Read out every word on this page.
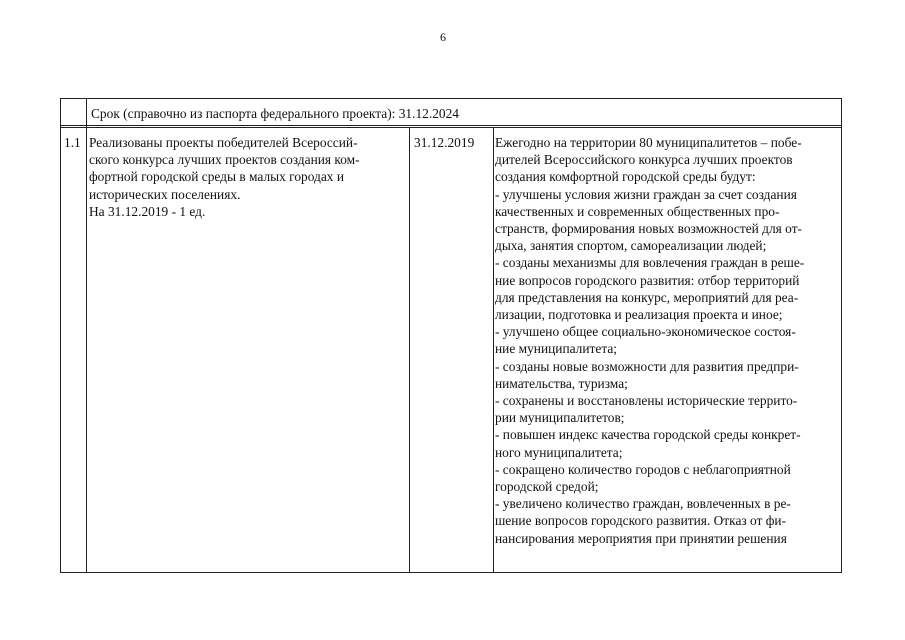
6
Срок (справочно из паспорта федерального проекта): 31.12.2024
1.1 Реализованы проекты победителей Всероссий-
ского конкурса лучших проектов создания ком-
фортной городской среды в малых городах и
исторических поселениях.
На 31.12.2019 - 1 ед.
31.12.2019 Ежегодно на территории 80 муниципалитетов – побе-
дителей Всероссийского конкурса лучших проектов
создания комфортной городской среды будут:
- улучшены условия жизни граждан за счет создания
качественных и современных общественных про-
странств, формирования новых возможностей для от-
дыха, занятия спортом, самореализации людей;
- созданы механизмы для вовлечения граждан в реше-
ние вопросов городского развития: отбор территорий
для представления на конкурс, мероприятий для реа-
лизации, подготовка и реализация проекта и иное;
- улучшено общее социально-экономическое состоя-
ние муниципалитета;
- созданы новые возможности для развития предпри-
нимательства, туризма;
- сохранены и восстановлены исторические террито-
рии муниципалитетов;
- повышен индекс качества городской среды конкрет-
ного муниципалитета;
- сокращено количество городов с неблагоприятной
городской средой;
- увеличено количество граждан, вовлеченных в ре-
шение вопросов городского развития. Отказ от фи-
нансирования мероприятия при принятии решения
